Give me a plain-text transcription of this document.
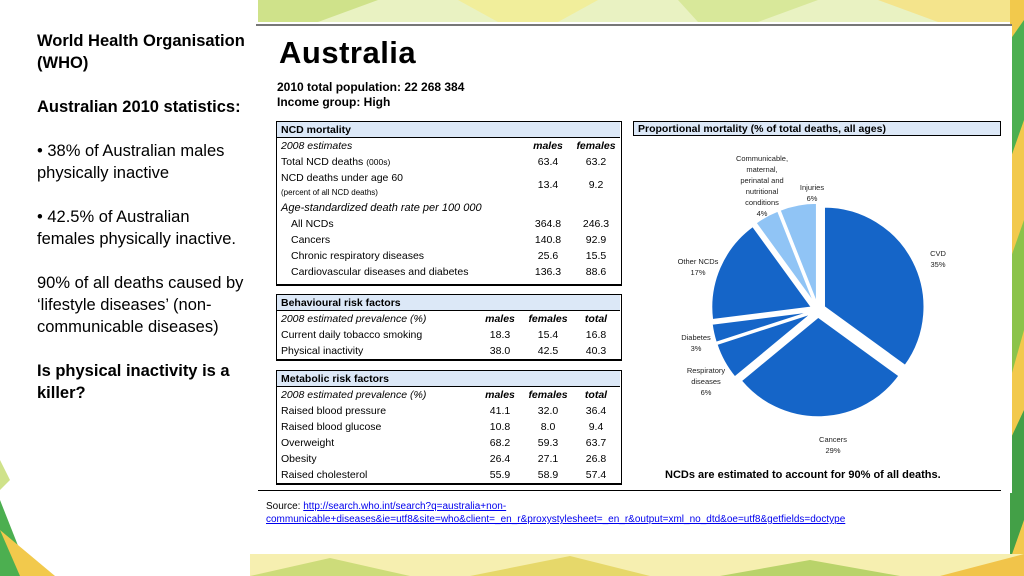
World Health Organisation (WHO)

Australian 2010 statistics:

• 38% of Australian males physically inactive

• 42.5% of Australian females physically inactive.

90% of all deaths caused by ‘lifestyle diseases’ (non-communicable diseases)

Is physical inactivity is a killer?

Australia
2010 total population: 22 268 384
Income group: High
NCD mortality		
2008 estimates	males	females
Total NCD deaths (000s)	63.4	63.2
NCD deaths under age 60
(percent of all NCD deaths)	13.4	9.2
Age-standardized death rate per 100 000		
All NCDs	364.8	246.3
Cancers	140.8	92.9
Chronic respiratory diseases	25.6	15.5
Cardiovascular diseases and diabetes	136.3	88.6
Behavioural risk factors			
2008 estimated prevalence (%)	males	females	total
Current daily tobacco smoking	18.3	15.4	16.8
Physical inactivity	38.0	42.5	40.3
Metabolic risk factors			
2008 estimated prevalence (%)	males	females	total
Raised blood pressure	41.1	32.0	36.4
Raised blood glucose	10.8	8.0	9.4
Overweight	68.2	59.3	63.7
Obesity	26.4	27.1	26.8
Raised cholesterol	55.9	58.9	57.4
Proportional mortality (% of total deaths, all ages)
CVD 35%
Cancers 29%
Respiratory diseases 6%
Diabetes 3%
Other NCDs 17%
Communicable, maternal, perinatal and nutritional conditions 4%
Injuries 6%
NCDs are estimated to account for 90% of all deaths.
Source: http://search.who.int/search?q=australia+non-
communicable+diseases&ie=utf8&site=who&client=_en_r&proxystylesheet=_en_r&output=xml_no_dtd&oe=utf8&getfields=doctype
